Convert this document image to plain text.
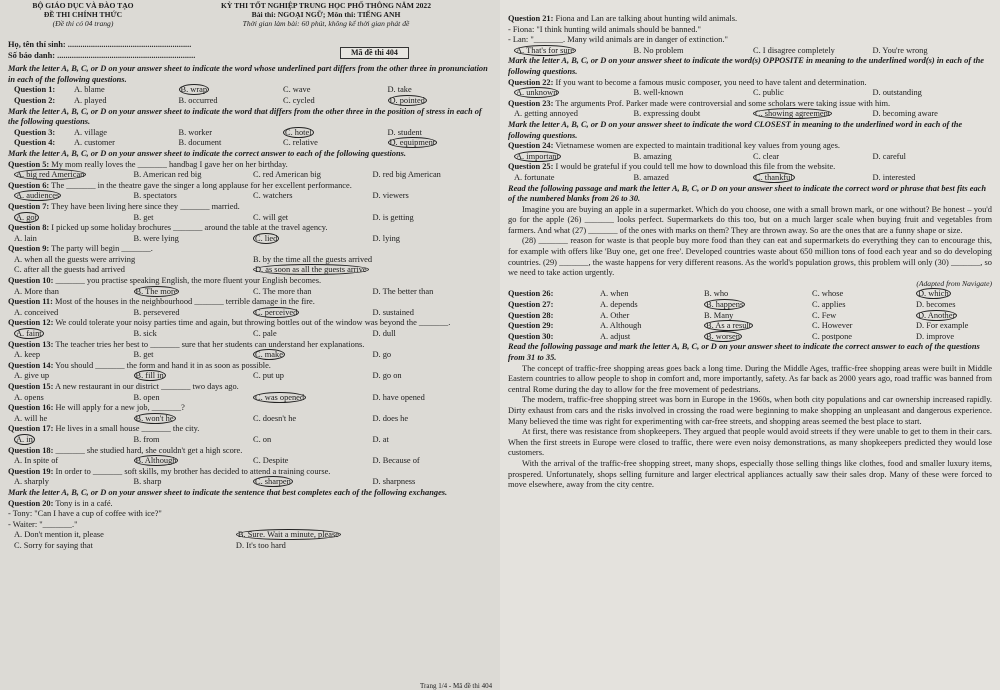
BỘ GIÁO DỤC VÀ ĐÀO TẠO
ĐỀ THI CHÍNH THỨC
(Đề thi có 04 trang)
KỲ THI TỐT NGHIỆP TRUNG HỌC PHỔ THÔNG NĂM 2022
Bài thi: NGOẠI NGỮ; Môn thi: TIẾNG ANH
Thời gian làm bài: 60 phút, không kể thời gian phát đề
Họ, tên thí sinh: ...........................................................
Số báo danh: ..................................................................	Mã đề thi 404
Mark the letter A, B, C, or D on your answer sheet to indicate the word whose underlined part differs from the other three in pronunciation in each of the following questions.
Question 1:	A. blame	B. wrap	C. wave	D. take
Question 2:	A. played	B. occurred	C. cycled	D. pointed
Mark the letter A, B, C, or D on your answer sheet to indicate the word that differs from the other three in the position of stress in each of the following questions.
Question 3:	A. village	B. worker	C. hotel	D. student
Question 4:	A. customer	B. document	C. relative	D. equipment
Mark the letter A, B, C, or D on your answer sheet to indicate the correct answer to each of the following questions.
Question 5: My mom really loves the _______ handbag I gave her on her birthday.
A. big red American	B. American red big	C. red American big	D. red big American
Question 6: The _______ in the theatre gave the singer a long applause for her excellent performance.
A. audiences	B. spectators	C. watchers	D. viewers
Question 7: They have been living here since they _______ married.
A. got	B. get	C. will get	D. is getting
Question 8: I picked up some holiday brochures _______ around the table at the travel agency.
A. lain	B. were lying	C. lied	D. lying
Question 9: The party will begin _______.
A. when all the guests were arriving	B. by the time all the guests arrived
C. after all the guests had arrived	D. as soon as all the guests arrive
Question 10: _______ you practise speaking English, the more fluent your English becomes.
A. More than	B. The more	C. The more than	D. The better than
Question 11: Most of the houses in the neighbourhood _______ terrible damage in the fire.
A. conceived	B. persevered	C. perceived	D. sustained
Question 12: We could tolerate your noisy parties time and again, but throwing bottles out of the window was beyond the _______.
A. faint	B. sick	C. pale	D. dull
Question 13: The teacher tries her best to _______ sure that her students can understand her explanations.
A. keep	B. get	C. make	D. go
Question 14: You should _______ the form and hand it in as soon as possible.
A. give up	B. fill in	C. put up	D. go on
Question 15: A new restaurant in our district _______ two days ago.
A. opens	B. open	C. was opened	D. have opened
Question 16: He will apply for a new job, _______?
A. will he	B. won't he	C. doesn't he	D. does he
Question 17: He lives in a small house _______ the city.
A. in	B. from	C. on	D. at
Question 18: _______ she studied hard, she couldn't get a high score.
A. In spite of	B. Although	C. Despite	D. Because of
Question 19: In order to _______ soft skills, my brother has decided to attend a training course.
A. sharply	B. sharp	C. sharpen	D. sharpness
Mark the letter A, B, C, or D on your answer sheet to indicate the sentence that best completes each of the following exchanges.
Question 20: Tony is in a café.
- Tony: "Can I have a cup of coffee with ice?"
- Waiter: "_______."
A. Don't mention it, please	B. Sure. Wait a minute, please
C. Sorry for saying that	D. It's too hard
Question 21: Fiona and Lan are talking about hunting wild animals.
- Fiona: "I think hunting wild animals should be banned."
- Lan: "_______. Many wild animals are in danger of extinction."
A. That's for sure	B. No problem	C. I disagree completely	D. You're wrong
Mark the letter A, B, C, or D on your answer sheet to indicate the word(s) OPPOSITE in meaning to the underlined word(s) in each of the following questions.
Question 22: If you want to become a famous music composer, you need to have talent and determination.
A. unknown	B. well-known	C. public	D. outstanding
Question 23: The arguments Prof. Parker made were controversial and some scholars were taking issue with him.
A. getting annoyed	B. expressing doubt	C. showing agreement	D. becoming aware
Mark the letter A, B, C, or D on your answer sheet to indicate the word CLOSEST in meaning to the underlined word in each of the following questions.
Question 24: Vietnamese women are expected to maintain traditional key values from young ages.
A. important	B. amazing	C. clear	D. careful
Question 25: I would be grateful if you could tell me how to download this file from the website.
A. fortunate	B. amazed	C. thankful	D. interested
Read the following passage and mark the letter A, B, C, or D on your answer sheet to indicate the correct word or phrase that best fits each of the numbered blanks from 26 to 30.
Imagine you are buying an apple in a supermarket. Which do you choose, one with a small brown mark, or one without? Be honest – you'd go for the apple (26) _______ looks perfect. Supermarkets do this too, but on a much larger scale when buying fruit and vegetables from farmers. And what (27) _______ of the ones with marks on them? They are thrown away. So are the ones that are a funny shape or size.
(28) _______ reason for waste is that people buy more food than they can eat and supermarkets do everything they can to encourage this, for example with offers like 'Buy one, get one free'. Developed countries waste about 650 million tons of food each year and so do developing countries. (29) _______, the waste happens for very different reasons. As the world's population grows, this problem will only (30) _______, so we need to take action urgently.
(Adapted from Navigate)
Question 26:	A. when	B. who	C. whose	D. which
Question 27:	A. depends	B. happens	C. applies	D. becomes
Question 28:	A. Other	B. Many	C. Few	D. Another
Question 29:	A. Although	B. As a result	C. However	D. For example
Question 30:	A. adjust	B. worsen	C. postpone	D. improve
Read the following passage and mark the letter A, B, C, or D on your answer sheet to indicate the correct answer to each of the questions from 31 to 35.
The concept of traffic-free shopping areas goes back a long time. During the Middle Ages, traffic-free shopping areas were built in Middle Eastern countries to allow people to shop in comfort and, more importantly, safety. As far back as 2000 years ago, road traffic was banned from central Rome during the day to allow for the free movement of pedestrians.
The modern, traffic-free shopping street was born in Europe in the 1960s, when both city populations and car ownership increased rapidly. Dirty exhaust from cars and the risks involved in crossing the road were beginning to make shopping an unpleasant and dangerous experience. Many believed the time was right for experimenting with car-free streets, and shopping areas seemed the best place to start.
At first, there was resistance from shopkeepers. They argued that people would avoid streets if they were unable to get to them in their cars. When the first streets in Europe were closed to traffic, there were even noisy demonstrations, as many shopkeepers predicted they would lose customers.
With the arrival of the traffic-free shopping street, many shops, especially those selling things like clothes, food and smaller luxury items, prospered. Unfortunately, shops selling furniture and larger electrical appliances actually saw their sales drop. Many of these were forced to move elsewhere, away from the city centre.
Trang 1/4 - Mã đề thi 404
